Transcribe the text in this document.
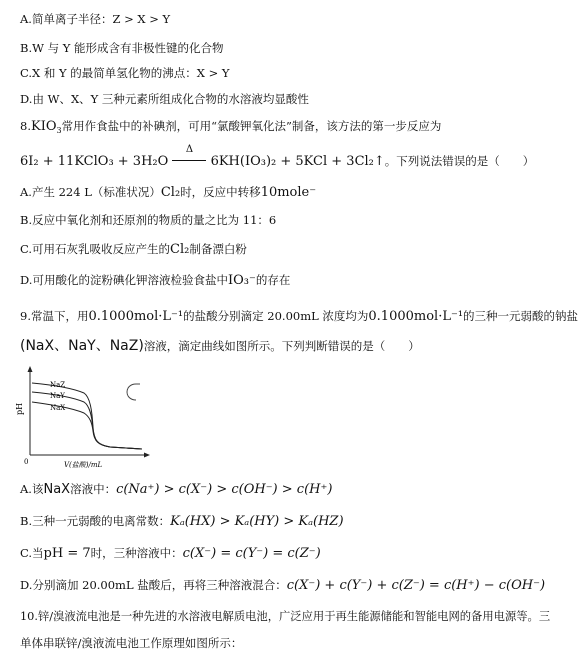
A.简单离子半径：Z > X > Y
B.W 与 Y 能形成含有非极性键的化合物
C.X 和 Y 的最简单氢化物的沸点：X > Y
D.由 W、X、Y 三种元素所组成化合物的水溶液均显酸性
$8.KIO_3$常用作食盐中的补碘剂，可用“氯酸钾氧化法”制备，该方法的第一步反应为
6I₂ + 11KClO₃ + 3H₂O
Δ
6KH(IO₃)₂ + 5KCl + 3Cl₂↑。下列说法错误的是（　　）
A.产生 224 L（标准状况）Cl₂时，反应中转移10mole⁻
B.反应中氧化剂和还原剂的物质的量之比为 11：6
C.可用石灰乳吸收反应产生的Cl₂制备漂白粉
D.可用酸化的淀粉碘化钾溶液检验食盐中IO₃⁻的存在
9.常温下，用0.1000mol·L⁻¹的盐酸分别滴定 20.00mL 浓度均为0.1000mol·L⁻¹的三种一元弱酸的钠盐
(NaX、NaY、NaZ)溶液，滴定曲线如图所示。下列判断错误的是（　　）
NaZ
NaY
NaX
pH
0	V(盐酸)/mL
A.该NaX溶液中：c(Na⁺) > c(X⁻) > c(OH⁻) > c(H⁺)
B.三种一元弱酸的电离常数：Kₐ(HX) > Kₐ(HY) > Kₐ(HZ)
C.当pH = 7时，三种溶液中：c(X⁻) = c(Y⁻) = c(Z⁻)
D.分别滴加 20.00mL 盐酸后，再将三种溶液混合：c(X⁻) + c(Y⁻) + c(Z⁻) = c(H⁺) − c(OH⁻)
10.锌/溴液流电池是一种先进的水溶液电解质电池，广泛应用于再生能源储能和智能电网的备用电源等。三
单体串联锌/溴液流电池工作原理如图所示：
